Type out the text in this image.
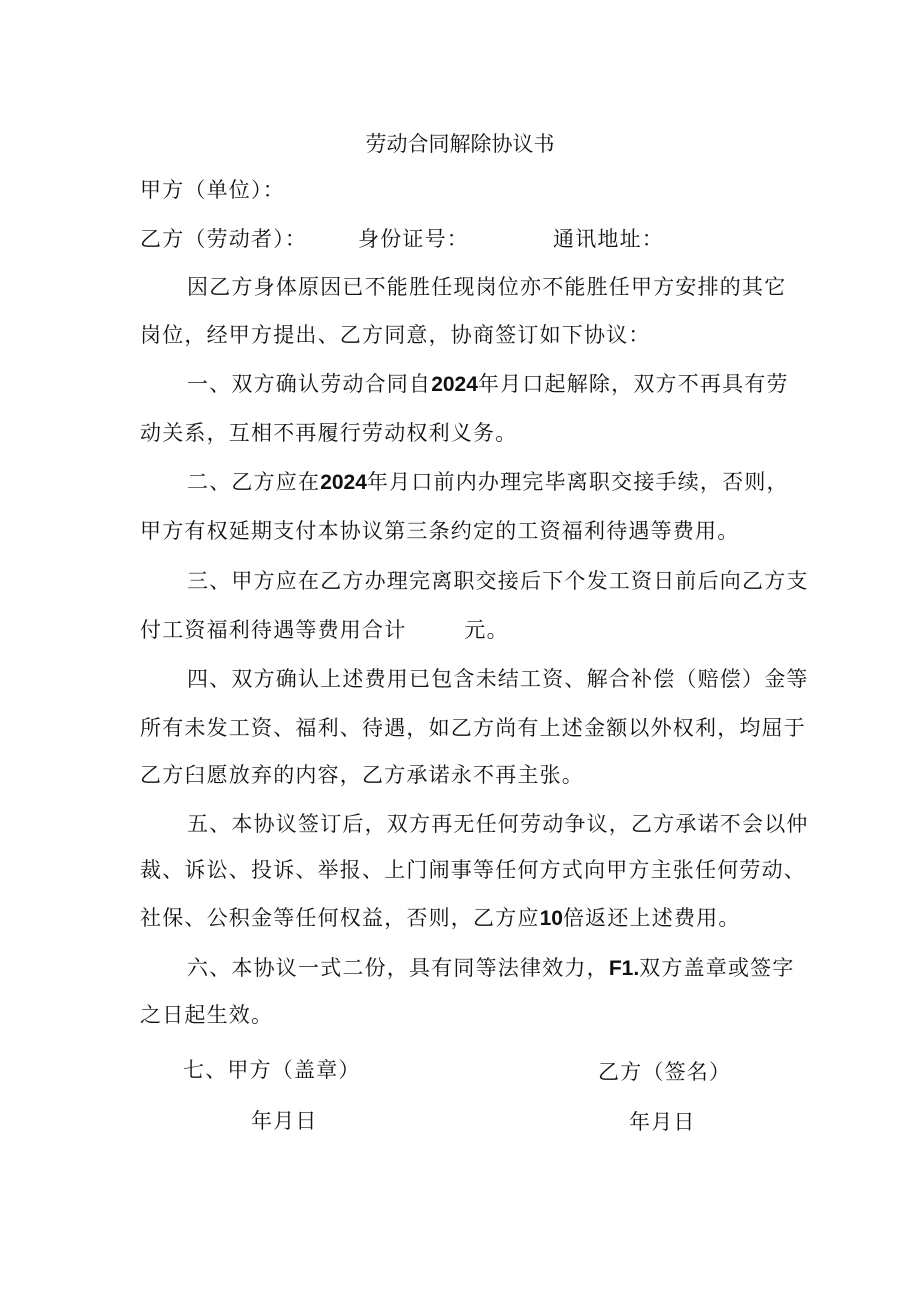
劳动合同解除协议书
甲方（单位）：
乙方（劳动者）： 身份证号：	通讯地址：
因乙方身体原因已不能胜任现岗位亦不能胜任甲方安排的其它
岗位，经甲方提出、乙方同意，协商签订如下协议：
一、双方确认劳动合同自2024年月口起解除，双方不再具有劳
动关系，互相不再履行劳动权利义务。
二、乙方应在2024年月口前内办理完毕离职交接手续，否则，
甲方有权延期支付本协议第三条约定的工资福利待遇等费用。
三、甲方应在乙方办理完离职交接后下个发工资日前后向乙方支
付工资福利待遇等费用合计	元。
四、双方确认上述费用已包含未结工资、解合补偿（赔偿）金等
所有未发工资、福利、待遇，如乙方尚有上述金额以外权利，均屈于
乙方臼愿放弃的内容，乙方承诺永不再主张。
五、本协议签订后，双方再无任何劳动争议，乙方承诺不会以仲
裁、诉讼、投诉、举报、上门闹事等任何方式向甲方主张任何劳动、
社保、公积金等任何权益，否则，乙方应10倍返还上述费用。
六、本协议一式二份，具有同等法律效力，F1.双方盖章或签字
之日起生效。
七、甲方（盖章）	乙方（签名）
年月日	年月日
